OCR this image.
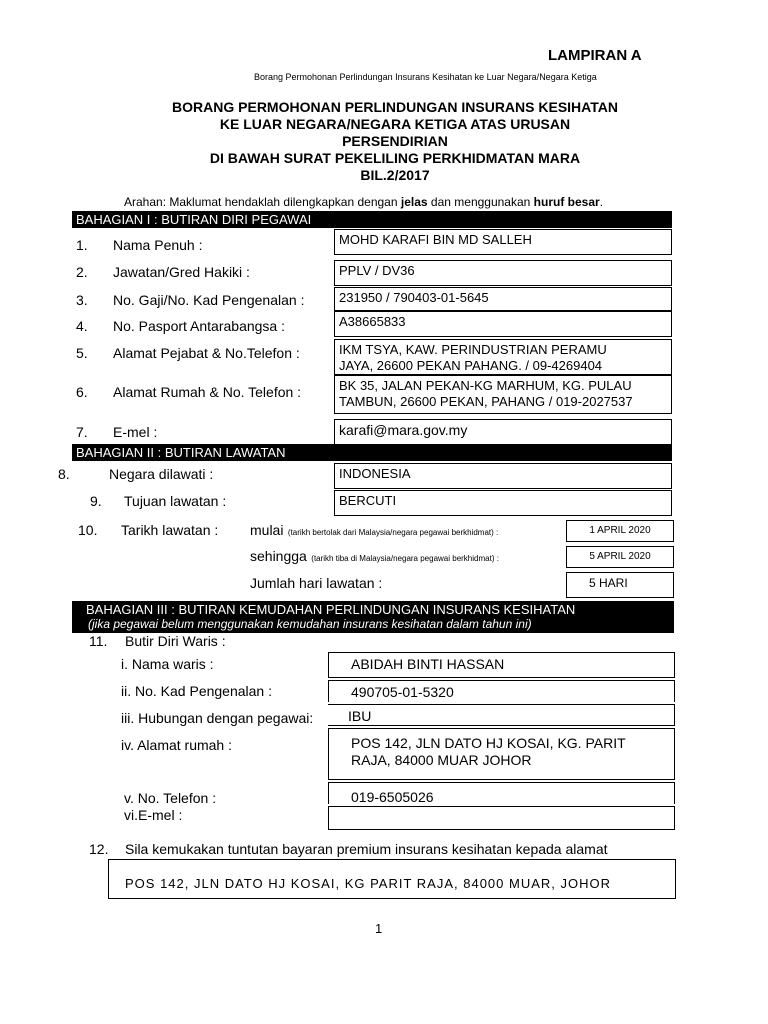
LAMPIRAN A
Borang Permohonan Perlindungan Insurans Kesihatan ke Luar Negara/Negara Ketiga
BORANG PERMOHONAN PERLINDUNGAN INSURANS KESIHATAN
KE LUAR NEGARA/NEGARA KETIGA ATAS URUSAN
PERSENDIRIAN
DI BAWAH SURAT PEKELILING PERKHIDMATAN MARA
BIL.2/2017
Arahan: Maklumat hendaklah dilengkapkan dengan jelas dan menggunakan huruf besar.
BAHAGIAN I : BUTIRAN DIRI PEGAWAI
1. Nama Penuh :	MOHD KARAFI BIN MD SALLEH
2. Jawatan/Gred Hakiki :	PPLV / DV36
3. No. Gaji/No. Kad Pengenalan :	231950 / 790403-01-5645
4. No. Pasport Antarabangsa :	A38665833
5. Alamat Pejabat & No.Telefon :	IKM TSYA, KAW. PERINDUSTRIAN PERAMU
JAYA, 26600 PEKAN PAHANG. / 09-4269404
6. Alamat Rumah & No. Telefon :	BK 35, JALAN PEKAN-KG MARHUM, KG. PULAU
TAMBUN, 26600 PEKAN, PAHANG / 019-2027537
7. E-mel :	karafi@mara.gov.my
BAHAGIAN II : BUTIRAN LAWATAN
8.	Negara dilawati :	INDONESIA
9. Tujuan lawatan :	BERCUTI
10. Tarikh lawatan : mulai (tarikh bertolak dari Malaysia/negara pegawai berkhidmat) :	1 APRIL 2020
sehingga (tarikh tiba di Malaysia/negara pegawai berkhidmat) :	5 APRIL 2020
Jumlah hari lawatan :	5 HARI
BAHAGIAN III : BUTIRAN KEMUDAHAN PERLINDUNGAN INSURANS KESIHATAN
(jika pegawai belum menggunakan kemudahan insurans kesihatan dalam tahun ini)
11. Butir Diri Waris :
i. Nama waris :	ABIDAH BINTI HASSAN
ii. No. Kad Pengenalan :	490705-01-5320
iii. Hubungan dengan pegawai:	IBU
iv. Alamat rumah :	POS 142, JLN DATO HJ KOSAI, KG. PARIT
RAJA, 84000 MUAR JOHOR
v. No. Telefon :	019-6505026
vi.E-mel :
12. Sila kemukakan tuntutan bayaran premium insurans kesihatan kepada alamat
POS 142, JLN DATO HJ KOSAI, KG PARIT RAJA, 84000 MUAR, JOHOR
1
